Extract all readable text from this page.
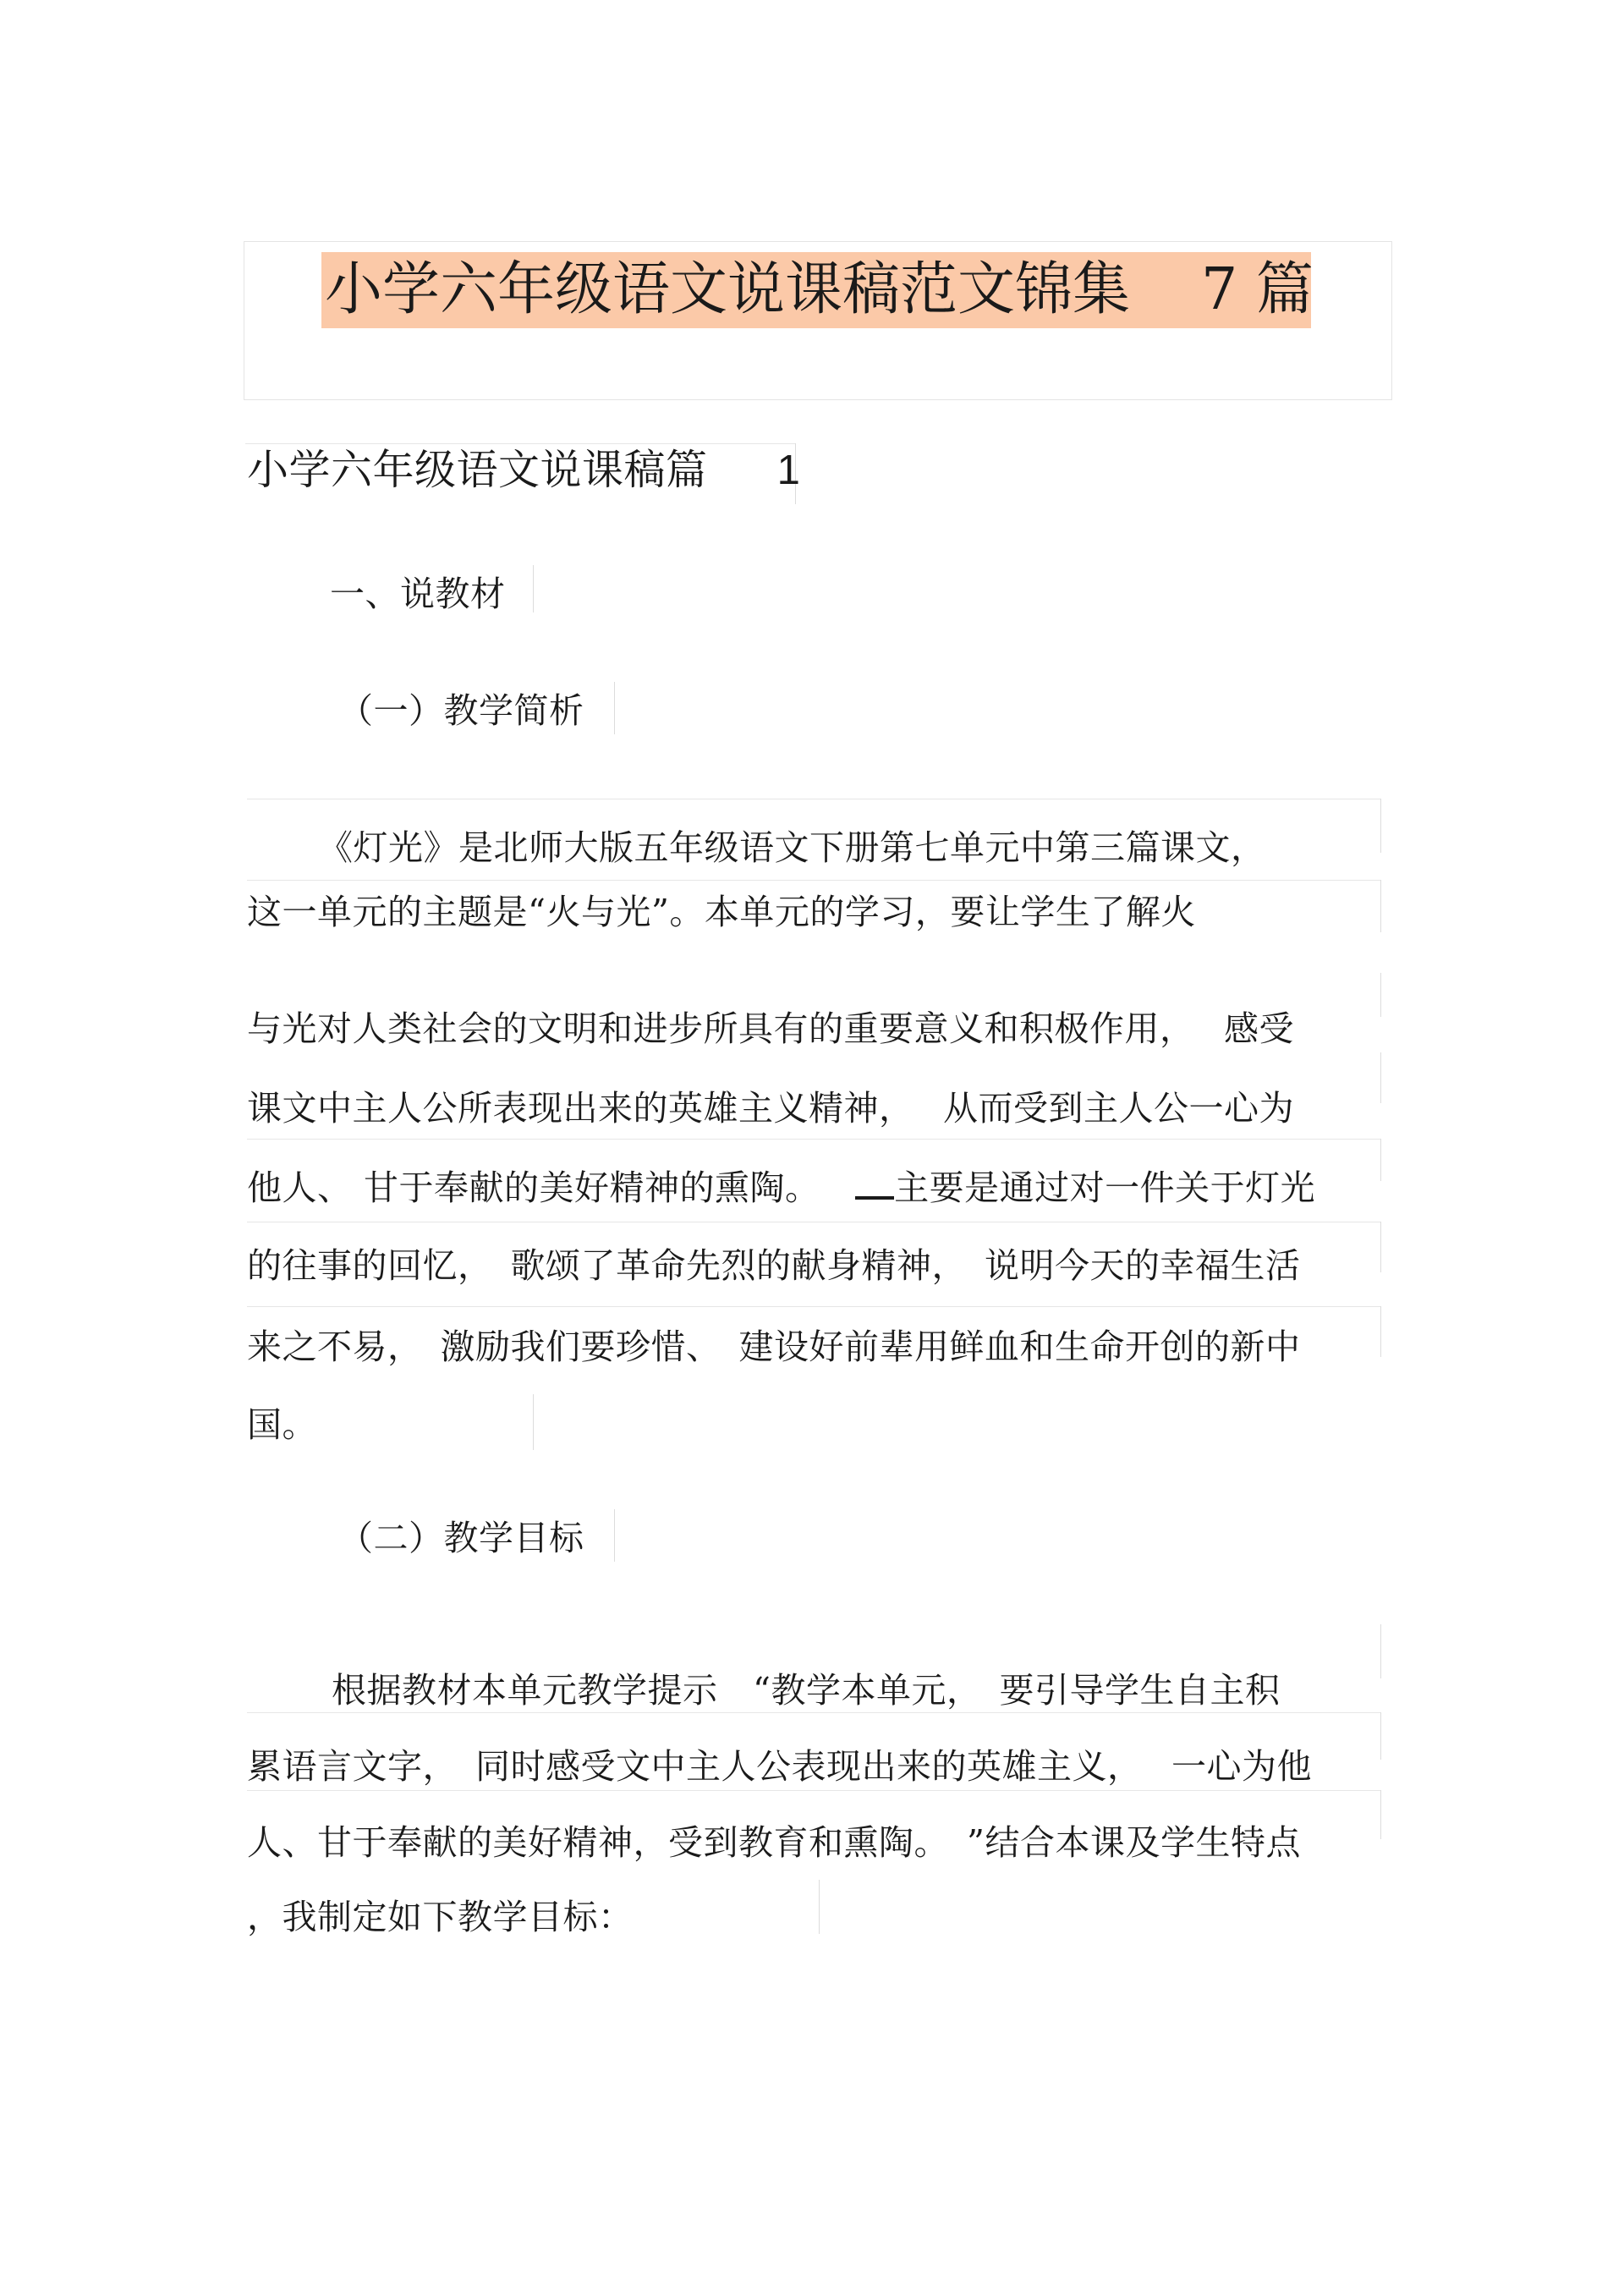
小学六年级语文说课稿范文锦集 7 篇
小学六年级语文说课稿篇 1
一、说教材
（一）教学简析
《灯光》是北师大版五年级语文下册第七单元中第三篇课文，
这一单元的主题是“火与光”。本单元的学习，要让学生了解火
与光对人类社会的文明和进步所具有的重要意义和积极作用，　 感受
课文中主人公所表现出来的英雄主义精神，　 从而受到主人公一心为
他人、 甘于奉献的美好精神的熏陶。 主要是通过对一件关于灯光
的往事的回忆，　歌颂了革命先烈的献身精神，　说明今天的幸福生活
来之不易，　激励我们要珍惜、　建设好前辈用鲜血和生命开创的新中
国。
（二）教学目标
根据教材本单元教学提示　“教学本单元，　要引导学生自主积
累语言文字，　同时感受文中主人公表现出来的英雄主义，　 一心为他
人、甘于奉献的美好精神，受到教育和熏陶。　”结合本课及学生特点
，我制定如下教学目标：
